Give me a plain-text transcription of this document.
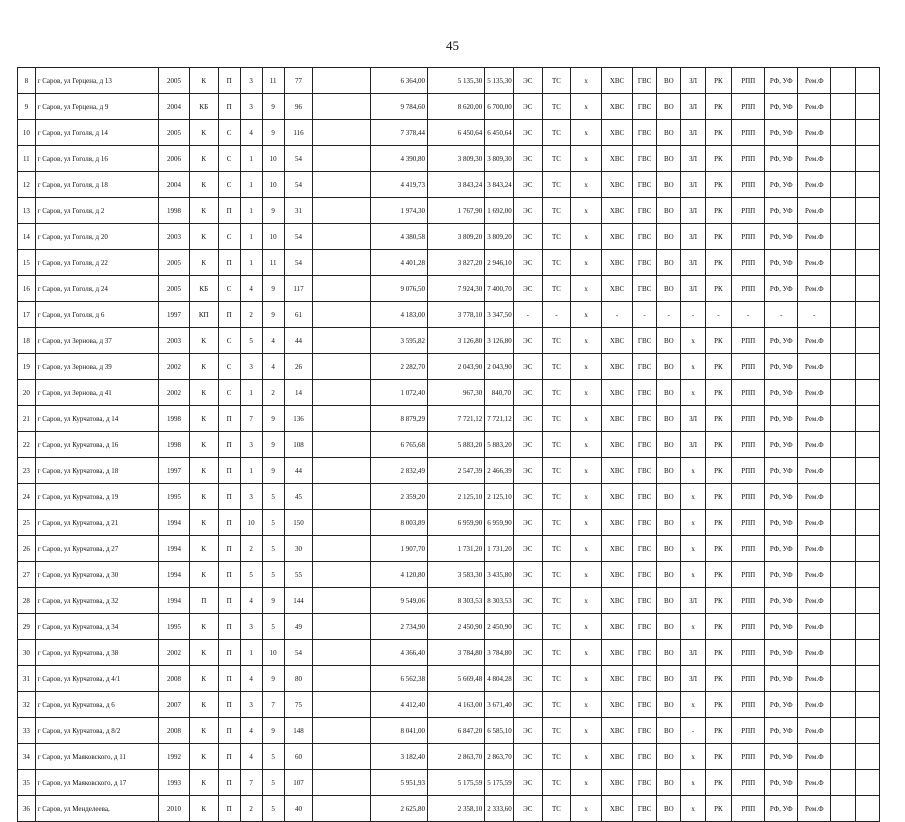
45
8	г Саров, ул Герцена, д 13	2005	К	П	3	11	77		6 364,00	5 135,30	5 135,30	ЭС	ТС	х	ХВС	ГВС	ВО	ЗЛ	РК	РПП	РФ, УФ	Рем.Ф		
9	г Саров, ул Герцена, д 9	2004	КБ	П	3	9	96		9 784,60	8 620,00	6 700,00	ЭС	ТС	х	ХВС	ГВС	ВО	ЗЛ	РК	РПП	РФ, УФ	Рем.Ф		
10	г Саров, ул Гоголя, д 14	2005	К	С	4	9	116		7 378,44	6 450,64	6 450,64	ЭС	ТС	х	ХВС	ГВС	ВО	ЗЛ	РК	РПП	РФ, УФ	Рем.Ф		
11	г Саров, ул Гоголя, д 16	2006	К	С	1	10	54		4 390,80	3 809,30	3 809,30	ЭС	ТС	х	ХВС	ГВС	ВО	ЗЛ	РК	РПП	РФ, УФ	Рем.Ф		
12	г Саров, ул Гоголя, д 18	2004	К	С	1	10	54		4 419,73	3 843,24	3 843,24	ЭС	ТС	х	ХВС	ГВС	ВО	ЗЛ	РК	РПП	РФ, УФ	Рем.Ф		
13	г Саров, ул Гоголя, д 2	1998	К	П	1	9	31		1 974,30	1 767,90	1 692,00	ЭС	ТС	х	ХВС	ГВС	ВО	ЗЛ	РК	РПП	РФ, УФ	Рем.Ф		
14	г Саров, ул Гоголя, д 20	2003	К	С	1	10	54		4 380,58	3 809,20	3 809,20	ЭС	ТС	х	ХВС	ГВС	ВО	ЗЛ	РК	РПП	РФ, УФ	Рем.Ф		
15	г Саров, ул Гоголя, д 22	2005	К	П	1	11	54		4 401,28	3 827,20	2 946,10	ЭС	ТС	х	ХВС	ГВС	ВО	ЗЛ	РК	РПП	РФ, УФ	Рем.Ф		
16	г Саров, ул Гоголя, д 24	2005	КБ	С	4	9	117		9 076,50	7 924,30	7 400,70	ЭС	ТС	х	ХВС	ГВС	ВО	ЗЛ	РК	РПП	РФ, УФ	Рем.Ф		
17	г Саров, ул Гоголя, д 6	1997	КП	П	2	9	61		4 183,00	3 778,10	3 347,50	-	-	х	-	-	-	-	-	-	-	-		
18	г Саров, ул Зернова, д 37	2003	К	С	5	4	44		3 595,82	3 126,80	3 126,80	ЭС	ТС	х	ХВС	ГВС	ВО	х	РК	РПП	РФ, УФ	Рем.Ф		
19	г Саров, ул Зернова, д 39	2002	К	С	3	4	26		2 282,70	2 043,90	2 043,90	ЭС	ТС	х	ХВС	ГВС	ВО	х	РК	РПП	РФ, УФ	Рем.Ф		
20	г Саров, ул Зернова, д 41	2002	К	С	1	2	14		1 072,40	967,30	840,70	ЭС	ТС	х	ХВС	ГВС	ВО	х	РК	РПП	РФ, УФ	Рем.Ф		
21	г Саров, ул Курчатова, д 14	1998	К	П	7	9	136		8 879,29	7 721,12	7 721,12	ЭС	ТС	х	ХВС	ГВС	ВО	ЗЛ	РК	РПП	РФ, УФ	Рем.Ф		
22	г Саров, ул Курчатова, д 16	1998	К	П	3	9	108		6 765,68	5 883,20	5 883,20	ЭС	ТС	х	ХВС	ГВС	ВО	ЗЛ	РК	РПП	РФ, УФ	Рем.Ф		
23	г Саров, ул Курчатова, д 18	1997	К	П	1	9	44		2 832,49	2 547,39	2 466,39	ЭС	ТС	х	ХВС	ГВС	ВО	х	РК	РПП	РФ, УФ	Рем.Ф		
24	г Саров, ул Курчатова, д 19	1995	К	П	3	5	45		2 359,20	2 125,10	2 125,10	ЭС	ТС	х	ХВС	ГВС	ВО	х	РК	РПП	РФ, УФ	Рем.Ф		
25	г Саров, ул Курчатова, д 21	1994	К	П	10	5	150		8 003,89	6 959,90	6 959,90	ЭС	ТС	х	ХВС	ГВС	ВО	х	РК	РПП	РФ, УФ	Рем.Ф		
26	г Саров, ул Курчатова, д 27	1994	К	П	2	5	30		1 907,70	1 731,20	1 731,20	ЭС	ТС	х	ХВС	ГВС	ВО	х	РК	РПП	РФ, УФ	Рем.Ф		
27	г Саров, ул Курчатова, д 30	1994	К	П	5	5	55		4 120,80	3 583,30	3 435,80	ЭС	ТС	х	ХВС	ГВС	ВО	х	РК	РПП	РФ, УФ	Рем.Ф		
28	г Саров, ул Курчатова, д 32	1994	П	П	4	9	144		9 549,06	8 303,53	8 303,53	ЭС	ТС	х	ХВС	ГВС	ВО	ЗЛ	РК	РПП	РФ, УФ	Рем.Ф		
29	г Саров, ул Курчатова, д 34	1995	К	П	3	5	49		2 734,90	2 450,90	2 450,90	ЭС	ТС	х	ХВС	ГВС	ВО	х	РК	РПП	РФ, УФ	Рем.Ф		
30	г Саров, ул Курчатова, д 38	2002	К	П	1	10	54		4 366,40	3 784,80	3 784,80	ЭС	ТС	х	ХВС	ГВС	ВО	ЗЛ	РК	РПП	РФ, УФ	Рем.Ф		
31	г Саров, ул Курчатова, д 4/1	2008	К	П	4	9	80		6 562,38	5 669,48	4 804,28	ЭС	ТС	х	ХВС	ГВС	ВО	ЗЛ	РК	РПП	РФ, УФ	Рем.Ф		
32	г Саров, ул Курчатова, д 6	2007	К	П	3	7	75		4 412,40	4 163,00	3 671,40	ЭС	ТС	х	ХВС	ГВС	ВО	х	РК	РПП	РФ, УФ	Рем.Ф		
33	г Саров, ул Курчатова, д 8/2	2008	К	П	4	9	148		8 041,00	6 847,20	6 585,10	ЭС	ТС	х	ХВС	ГВС	ВО	-	РК	РПП	РФ, УФ	Рем.Ф		
34	г Саров, ул Маяковского, д 11	1992	К	П	4	5	60		3 182,40	2 863,70	2 863,70	ЭС	ТС	х	ХВС	ГВС	ВО	х	РК	РПП	РФ, УФ	Рем.Ф		
35	г Саров, ул Маяковского, д 17	1993	К	П	7	5	107		5 951,93	5 175,59	5 175,59	ЭС	ТС	х	ХВС	ГВС	ВО	х	РК	РПП	РФ, УФ	Рем.Ф		
36	г Саров, ул Менделеева,	2010	К	П	2	5	40		2 625,80	2 358,10	2 333,60	ЭС	ТС	х	ХВС	ГВС	ВО	х	РК	РПП	РФ, УФ	Рем.Ф		
